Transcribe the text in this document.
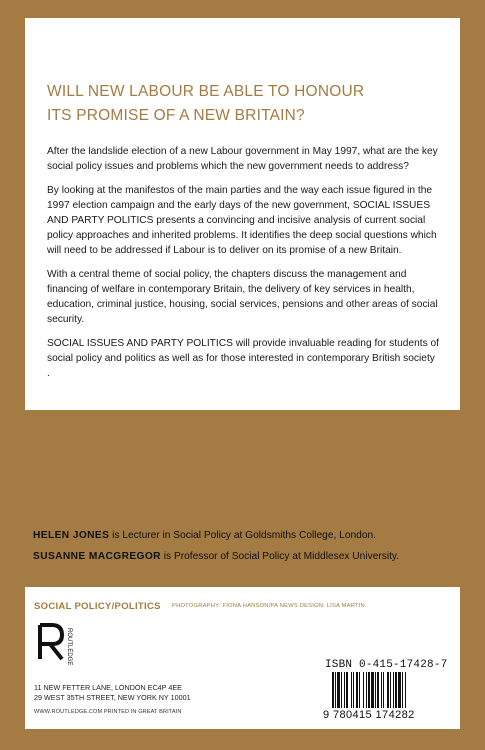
WILL NEW LABOUR BE ABLE TO HONOUR
ITS PROMISE OF A NEW BRITAIN?

After the landslide election of a new Labour government in May 1997, what are the key social policy issues and problems which the new government needs to address?

By looking at the manifestos of the main parties and the way each issue figured in the 1997 election campaign and the early days of the new government, SOCIAL ISSUES AND PARTY POLITICS presents a convincing and incisive analysis of current social policy approaches and inherited problems. It identifies the deep social questions which will need to be addressed if Labour is to deliver on its promise of a new Britain.

With a central theme of social policy, the chapters discuss the management and financing of welfare in contemporary Britain, the delivery of key services in health, education, criminal justice, housing, social services, pensions and other areas of social security.

SOCIAL ISSUES AND PARTY POLITICS will provide invaluable reading for students of social policy and politics as well as for those interested in contemporary British society .

HELEN JONES is Lecturer in Social Policy at Goldsmiths College, London.

SUSANNE MACGREGOR is Professor of Social Policy at Middlesex University.

SOCIAL POLICY/POLITICS PHOTOGRAPHY: FIONA HANSON/PA NEWS DESIGN: LISA MARTIN
ROUTLEDGE
11 NEW FETTER LANE, LONDON EC4P 4EE
29 WEST 35TH STREET, NEW YORK NY 10001
WWW.ROUTLEDGE.COM PRINTED IN GREAT BRITAIN
ISBN 0-415-17428-7
9 780415 174282
